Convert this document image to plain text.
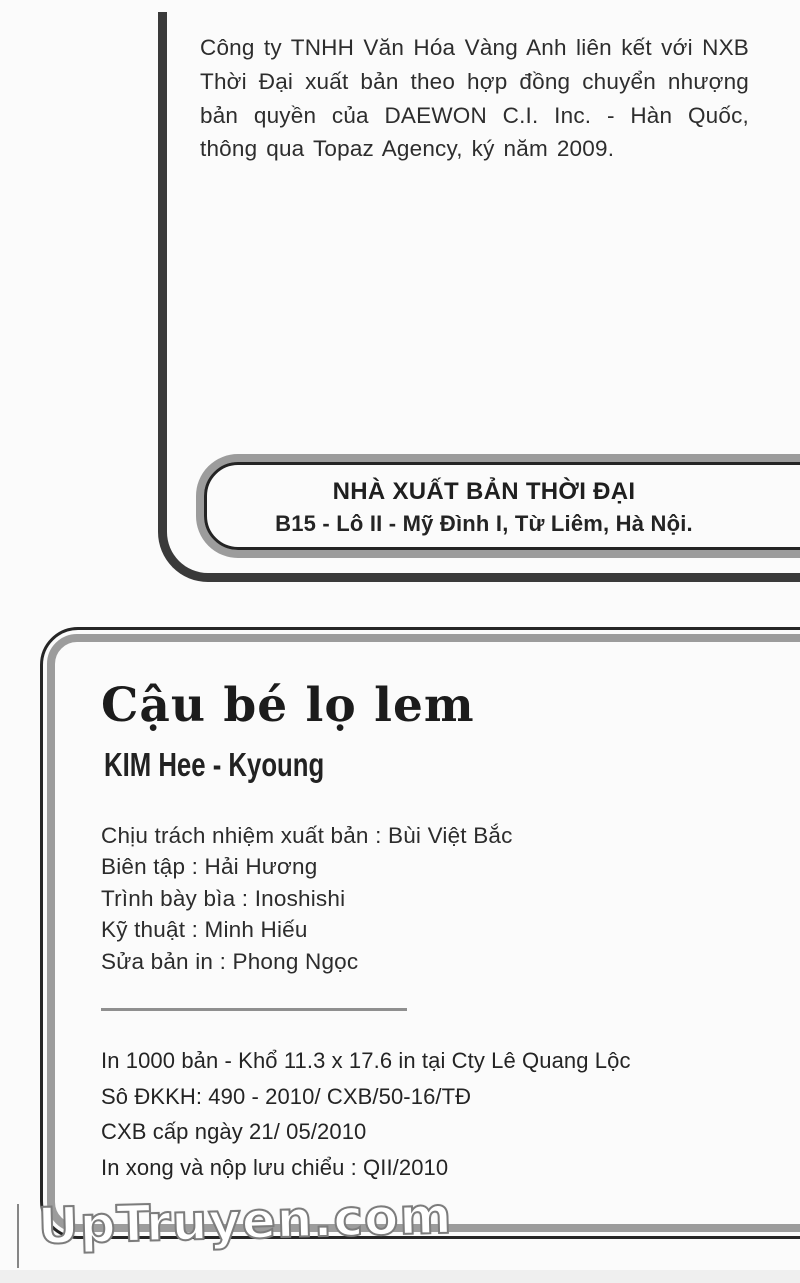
Công ty TNHH Văn Hóa Vàng Anh liên kết với NXB Thời Đại xuất bản theo hợp đồng chuyển nhượng bản quyền của DAEWON C.I. Inc. - Hàn Quốc, thông qua Topaz Agency, ký năm 2009.
NHÀ XUẤT BẢN THỜI ĐẠI
B15 - Lô II - Mỹ Đình I, Từ Liêm, Hà Nội.
Cậu bé lọ lem
KIM Hee - Kyoung
Chịu trách nhiệm xuất bản : Bùi Việt Bắc
Biên tập : Hải Hương
Trình bày bìa : Inoshishi
Kỹ thuật : Minh Hiếu
Sửa bản in : Phong Ngọc
In 1000 bản - Khổ 11.3 x 17.6 in tại Cty Lê Quang Lộc
Sô ĐKKH: 490 - 2010/ CXB/50-16/TĐ
CXB cấp ngày 21/ 05/2010
In xong và nộp lưu chiểu : QII/2010
UpTruyen.com
